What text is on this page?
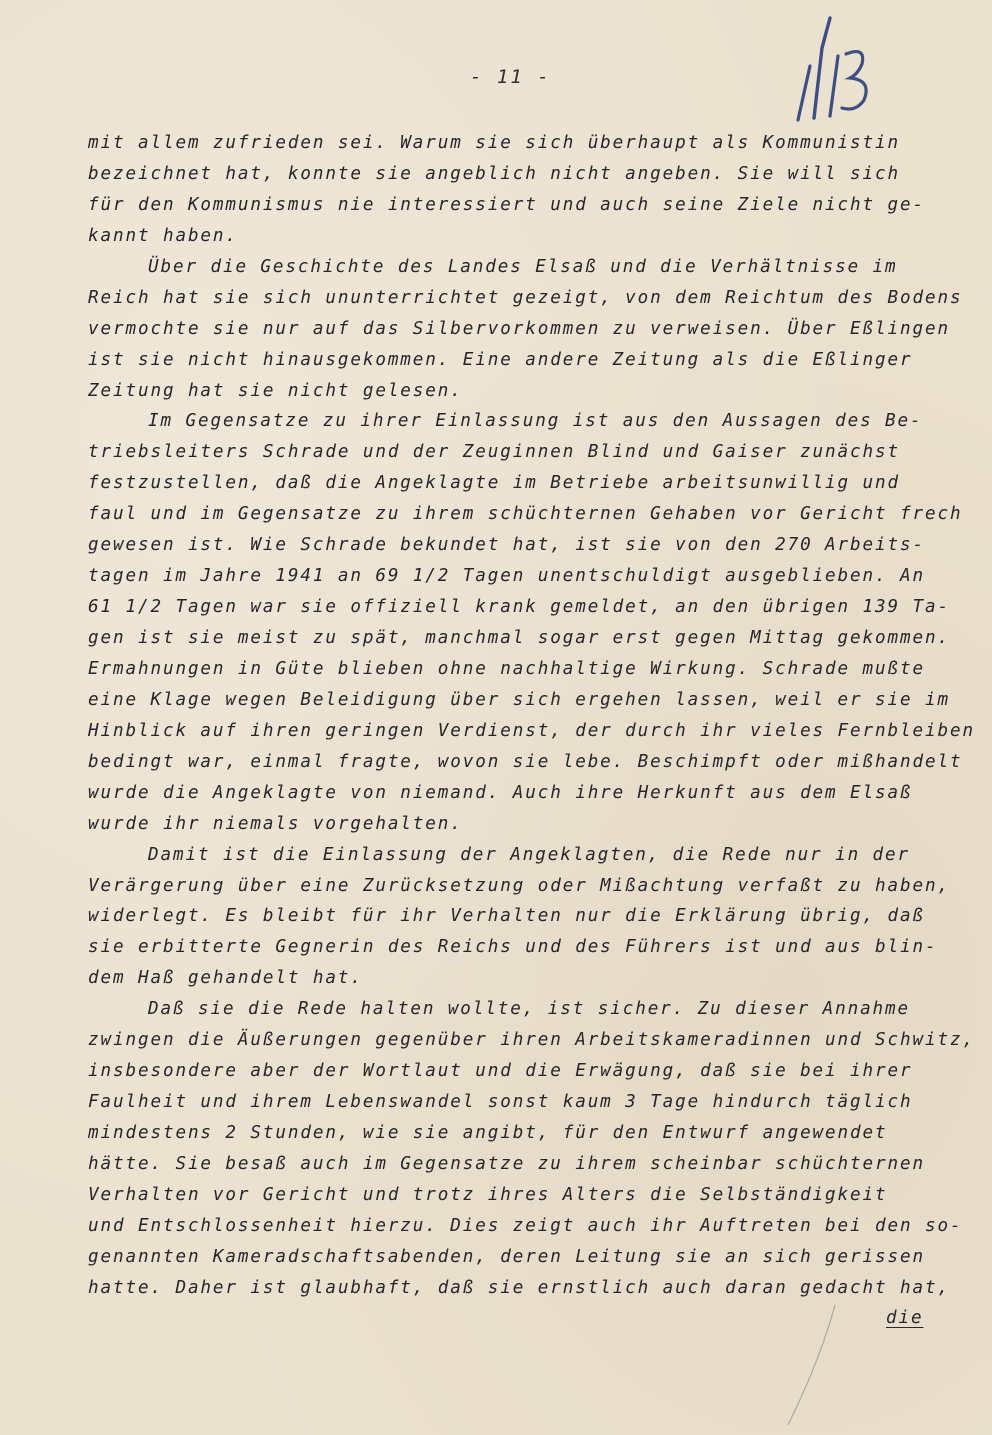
- 11 -
mit allem zufrieden sei. Warum sie sich überhaupt als Kommunistin
bezeichnet hat, konnte sie angeblich nicht angeben. Sie will sich
für den Kommunismus nie interessiert und auch seine Ziele nicht ge-
kannt haben.
Über die Geschichte des Landes Elsaß und die Verhältnisse im
Reich hat sie sich ununterrichtet gezeigt, von dem Reichtum des Bodens
vermochte sie nur auf das Silbervorkommen zu verweisen. Über Eßlingen
ist sie nicht hinausgekommen. Eine andere Zeitung als die Eßlinger
Zeitung hat sie nicht gelesen.
Im Gegensatze zu ihrer Einlassung ist aus den Aussagen des Be-
triebsleiters Schrade und der Zeuginnen Blind und Gaiser zunächst
festzustellen, daß die Angeklagte im Betriebe arbeitsunwillig und
faul und im Gegensatze zu ihrem schüchternen Gehaben vor Gericht frech
gewesen ist. Wie Schrade bekundet hat, ist sie von den 270 Arbeits-
tagen im Jahre 1941 an 69 1/2 Tagen unentschuldigt ausgeblieben. An
61 1/2 Tagen war sie offiziell krank gemeldet, an den übrigen 139 Ta-
gen ist sie meist zu spät, manchmal sogar erst gegen Mittag gekommen.
Ermahnungen in Güte blieben ohne nachhaltige Wirkung. Schrade mußte
eine Klage wegen Beleidigung über sich ergehen lassen, weil er sie im
Hinblick auf ihren geringen Verdienst, der durch ihr vieles Fernbleiben
bedingt war, einmal fragte, wovon sie lebe. Beschimpft oder mißhandelt
wurde die Angeklagte von niemand. Auch ihre Herkunft aus dem Elsaß
wurde ihr niemals vorgehalten.
Damit ist die Einlassung der Angeklagten, die Rede nur in der
Verärgerung über eine Zurücksetzung oder Mißachtung verfaßt zu haben,
widerlegt. Es bleibt für ihr Verhalten nur die Erklärung übrig, daß
sie erbitterte Gegnerin des Reichs und des Führers ist und aus blin-
dem Haß gehandelt hat.
Daß sie die Rede halten wollte, ist sicher. Zu dieser Annahme
zwingen die Äußerungen gegenüber ihren Arbeitskameradinnen und Schwitz,
insbesondere aber der Wortlaut und die Erwägung, daß sie bei ihrer
Faulheit und ihrem Lebenswandel sonst kaum 3 Tage hindurch täglich
mindestens 2 Stunden, wie sie angibt, für den Entwurf angewendet
hätte. Sie besaß auch im Gegensatze zu ihrem scheinbar schüchternen
Verhalten vor Gericht und trotz ihres Alters die Selbständigkeit
und Entschlossenheit hierzu. Dies zeigt auch ihr Auftreten bei den so-
genannten Kameradschaftsabenden, deren Leitung sie an sich gerissen
hatte. Daher ist glaubhaft, daß sie ernstlich auch daran gedacht hat,
die
